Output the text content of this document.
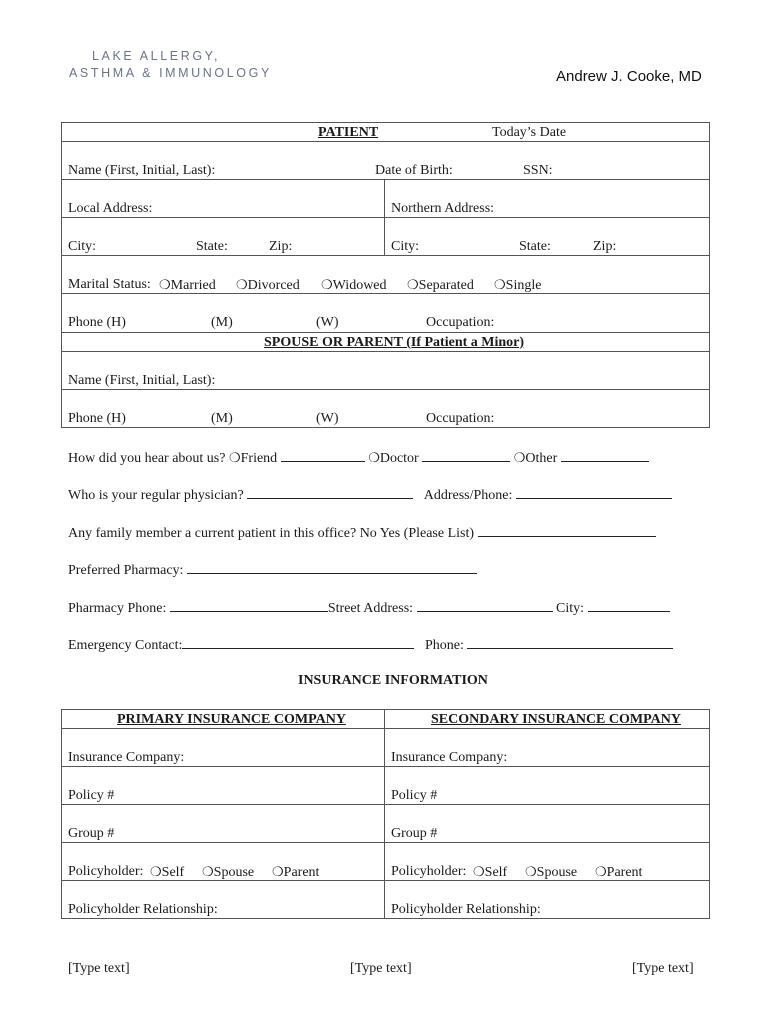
LAKE ALLERGY,
ASTHMA & IMMUNOLOGY	Andrew J. Cooke, MD
PATIENT	Today’s Date
Name (First, Initial, Last):	Date of Birth:	SSN:
Local Address:	Northern Address:
City:	State:	Zip:	City:	State:	Zip:
Marital Status: ❍Married ❍Divorced ❍Widowed ❍Separated ❍Single
Phone (H)	(M)	(W)	Occupation:
SPOUSE OR PARENT (If Patient a Minor)
Name (First, Initial, Last):
Phone (H)	(M)	(W)	Occupation:
How did you hear about us? ❍Friend	❍Doctor	❍Other
Who is your regular physician?	Address/Phone:
Any family member a current patient in this office? No Yes (Please List)
Preferred Pharmacy:
Pharmacy Phone:	Street Address:	City:
Emergency Contact:	Phone:
INSURANCE INFORMATION
PRIMARY INSURANCE COMPANY	SECONDARY INSURANCE COMPANY
Insurance Company:	Insurance Company:
Policy #	Policy #
Group #	Group #
Policyholder: ❍Self ❍Spouse ❍Parent	Policyholder: ❍Self ❍Spouse ❍Parent
Policyholder Relationship:	Policyholder Relationship:
[Type text]	[Type text]	[Type text]
